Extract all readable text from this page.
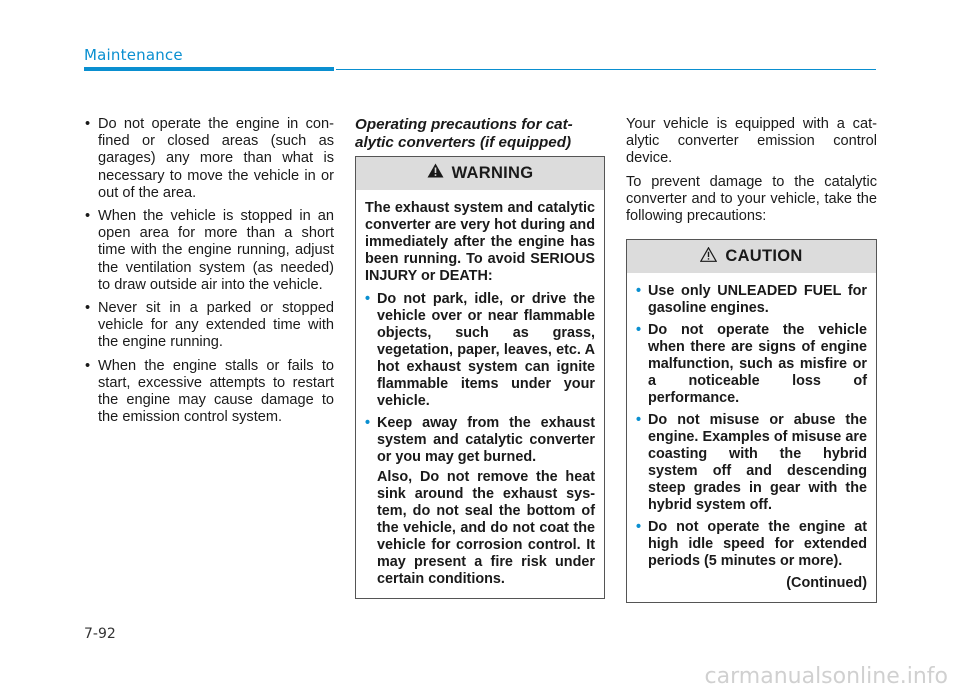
Maintenance
• Do not operate the engine in confined or closed areas (such as garages) any more than what is necessary to move the vehicle in or out of the area.
• When the vehicle is stopped in an open area for more than a short time with the engine running, adjust the ventilation system (as needed) to draw outside air into the vehicle.
• Never sit in a parked or stopped vehicle for any extended time with the engine running.
• When the engine stalls or fails to start, excessive attempts to restart the engine may cause damage to the emission control system.
Operating precautions for catalytic converters (if equipped)
WARNING

The exhaust system and catalytic converter are very hot during and immediately after the engine has been running. To avoid SERIOUS INJURY or DEATH:

• Do not park, idle, or drive the vehicle over or near flammable objects, such as grass, vegetation, paper, leaves, etc. A hot exhaust system can ignite flammable items under your vehicle.
• Keep away from the exhaust system and catalytic converter or you may get burned.

Also, Do not remove the heat sink around the exhaust system, do not seal the bottom of the vehicle, and do not coat the vehicle for corrosion control. It may present a fire risk under certain conditions.

Your vehicle is equipped with a catalytic converter emission control device.

To prevent damage to the catalytic converter and to your vehicle, take the following precautions:

CAUTION
• Use only UNLEADED FUEL for gasoline engines.
• Do not operate the vehicle when there are signs of engine malfunction, such as misfire or a noticeable loss of performance.
• Do not misuse or abuse the engine. Examples of misuse are coasting with the hybrid system off and descending steep grades in gear with the hybrid system off.
• Do not operate the engine at high idle speed for extended periods (5 minutes or more).
(Continued)
7-92
carmanualsonline.info
